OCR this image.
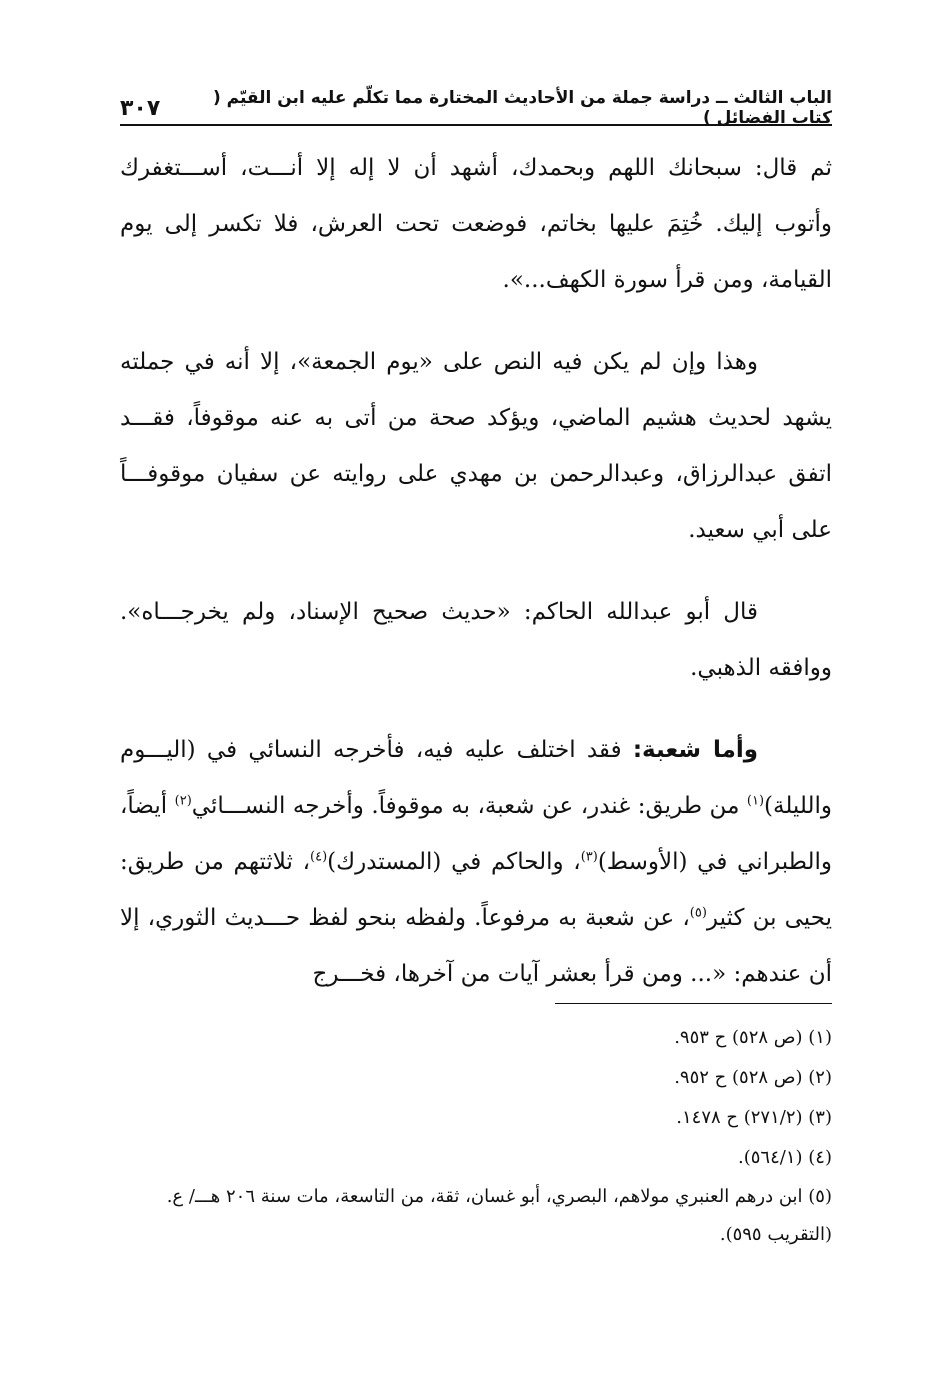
الباب الثالث ــ دراسة جملة من الأحاديث المختارة مما تكلّم عليه ابن القيّم ( كتاب الفضائل )
٣٠٧

ثم قال: سبحانك اللهم وبحمدك، أشهد أن لا إله إلا أنـــت، أســـتغفرك وأتوب إليك. خُتِمَ عليها بخاتم، فوضعت تحت العرش، فلا تكسر إلى يوم القيامة، ومن قرأ سورة الكهف...».

وهذا وإن لم يكن فيه النص على «يوم الجمعة»، إلا أنه في جملته يشهد لحديث هشيم الماضي، ويؤكد صحة من أتى به عنه موقوفاً، فقـــد اتفق عبدالرزاق، وعبدالرحمن بن مهدي على روايته عن سفيان موقوفـــاً على أبي سعيد.

قال أبو عبدالله الحاكم: «حديث صحيح الإسناد، ولم يخرجـــاه». ووافقه الذهبي.

وأما شعبة: فقد اختلف عليه فيه، فأخرجه النسائي في (اليـــوم والليلة)$^{(١)}$ من طريق: غندر، عن شعبة، به موقوفاً. وأخرجه النســـائي$^{(٢)}$ أيضاً، والطبراني في (الأوسط)$^{(٣)}$، والحاكم في (المستدرك)$^{(٤)}$، ثلاثتهم من طريق: يحيى بن كثير$^{(٥)}$، عن شعبة به مرفوعاً. ولفظه بنحو لفظ حـــديث الثوري، إلا أن عندهم: «... ومن قرأ بعشر آيات من آخرها، فخـــرج

(١) (ص ٥٢٨) ح ٩٥٣.
(٢) (ص ٥٢٨) ح ٩٥٢.
(٣) (٢٧١/٢) ح ١٤٧٨.
(٤) (٥٦٤/١).
(٥) ابن درهم العنبري مولاهم، البصري، أبو غسان، ثقة، من التاسعة، مات سنة ٢٠٦ هـــ/ ع. (التقريب ٥٩٥).
